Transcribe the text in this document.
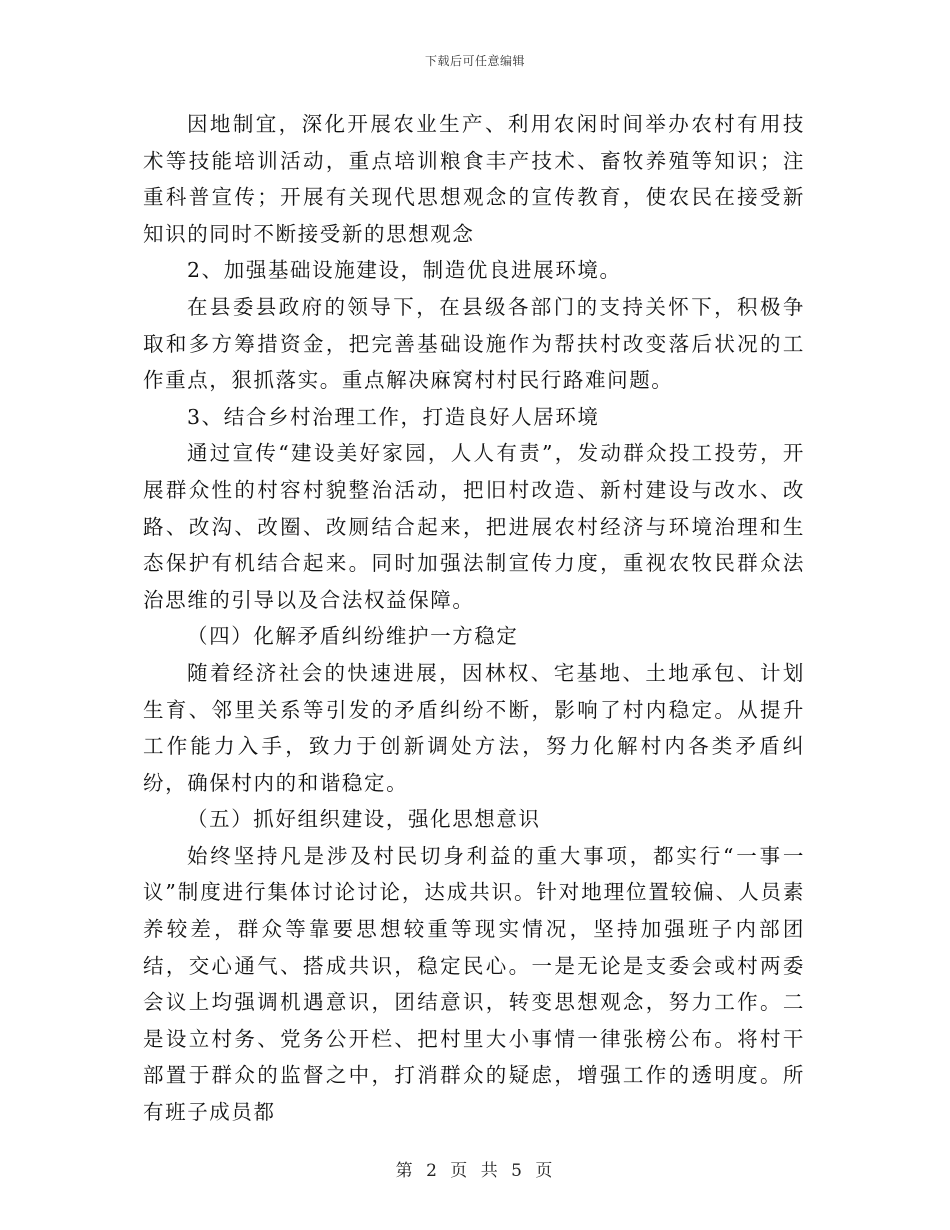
下载后可任意编辑

因地制宜，深化开展农业生产、利用农闲时间举办农村有用技术等技能培训活动，重点培训粮食丰产技术、畜牧养殖等知识；注重科普宣传；开展有关现代思想观念的宣传教育，使农民在接受新知识的同时不断接受新的思想观念

2、加强基础设施建设，制造优良进展环境。

在县委县政府的领导下，在县级各部门的支持关怀下，积极争取和多方筹措资金，把完善基础设施作为帮扶村改变落后状况的工作重点，狠抓落实。重点解决麻窝村村民行路难问题。

3、结合乡村治理工作，打造良好人居环境

通过宣传“建设美好家园，人人有责”，发动群众投工投劳，开展群众性的村容村貌整治活动，把旧村改造、新村建设与改水、改路、改沟、改圈、改厕结合起来，把进展农村经济与环境治理和生态保护有机结合起来。同时加强法制宣传力度，重视农牧民群众法治思维的引导以及合法权益保障。

（四）化解矛盾纠纷维护一方稳定

随着经济社会的快速进展，因林权、宅基地、土地承包、计划生育、邻里关系等引发的矛盾纠纷不断，影响了村内稳定。从提升工作能力入手，致力于创新调处方法，努力化解村内各类矛盾纠纷，确保村内的和谐稳定。

（五）抓好组织建设，强化思想意识

始终坚持凡是涉及村民切身利益的重大事项，都实行“一事一议”制度进行集体讨论讨论，达成共识。针对地理位置较偏、人员素养较差，群众等靠要思想较重等现实情况，坚持加强班子内部团结，交心通气、搭成共识，稳定民心。一是无论是支委会或村两委会议上均强调机遇意识，团结意识，转变思想观念，努力工作。二是设立村务、党务公开栏、把村里大小事情一律张榜公布。将村干部置于群众的监督之中，打消群众的疑虑，增强工作的透明度。所有班子成员都

第 2 页 共 5 页
